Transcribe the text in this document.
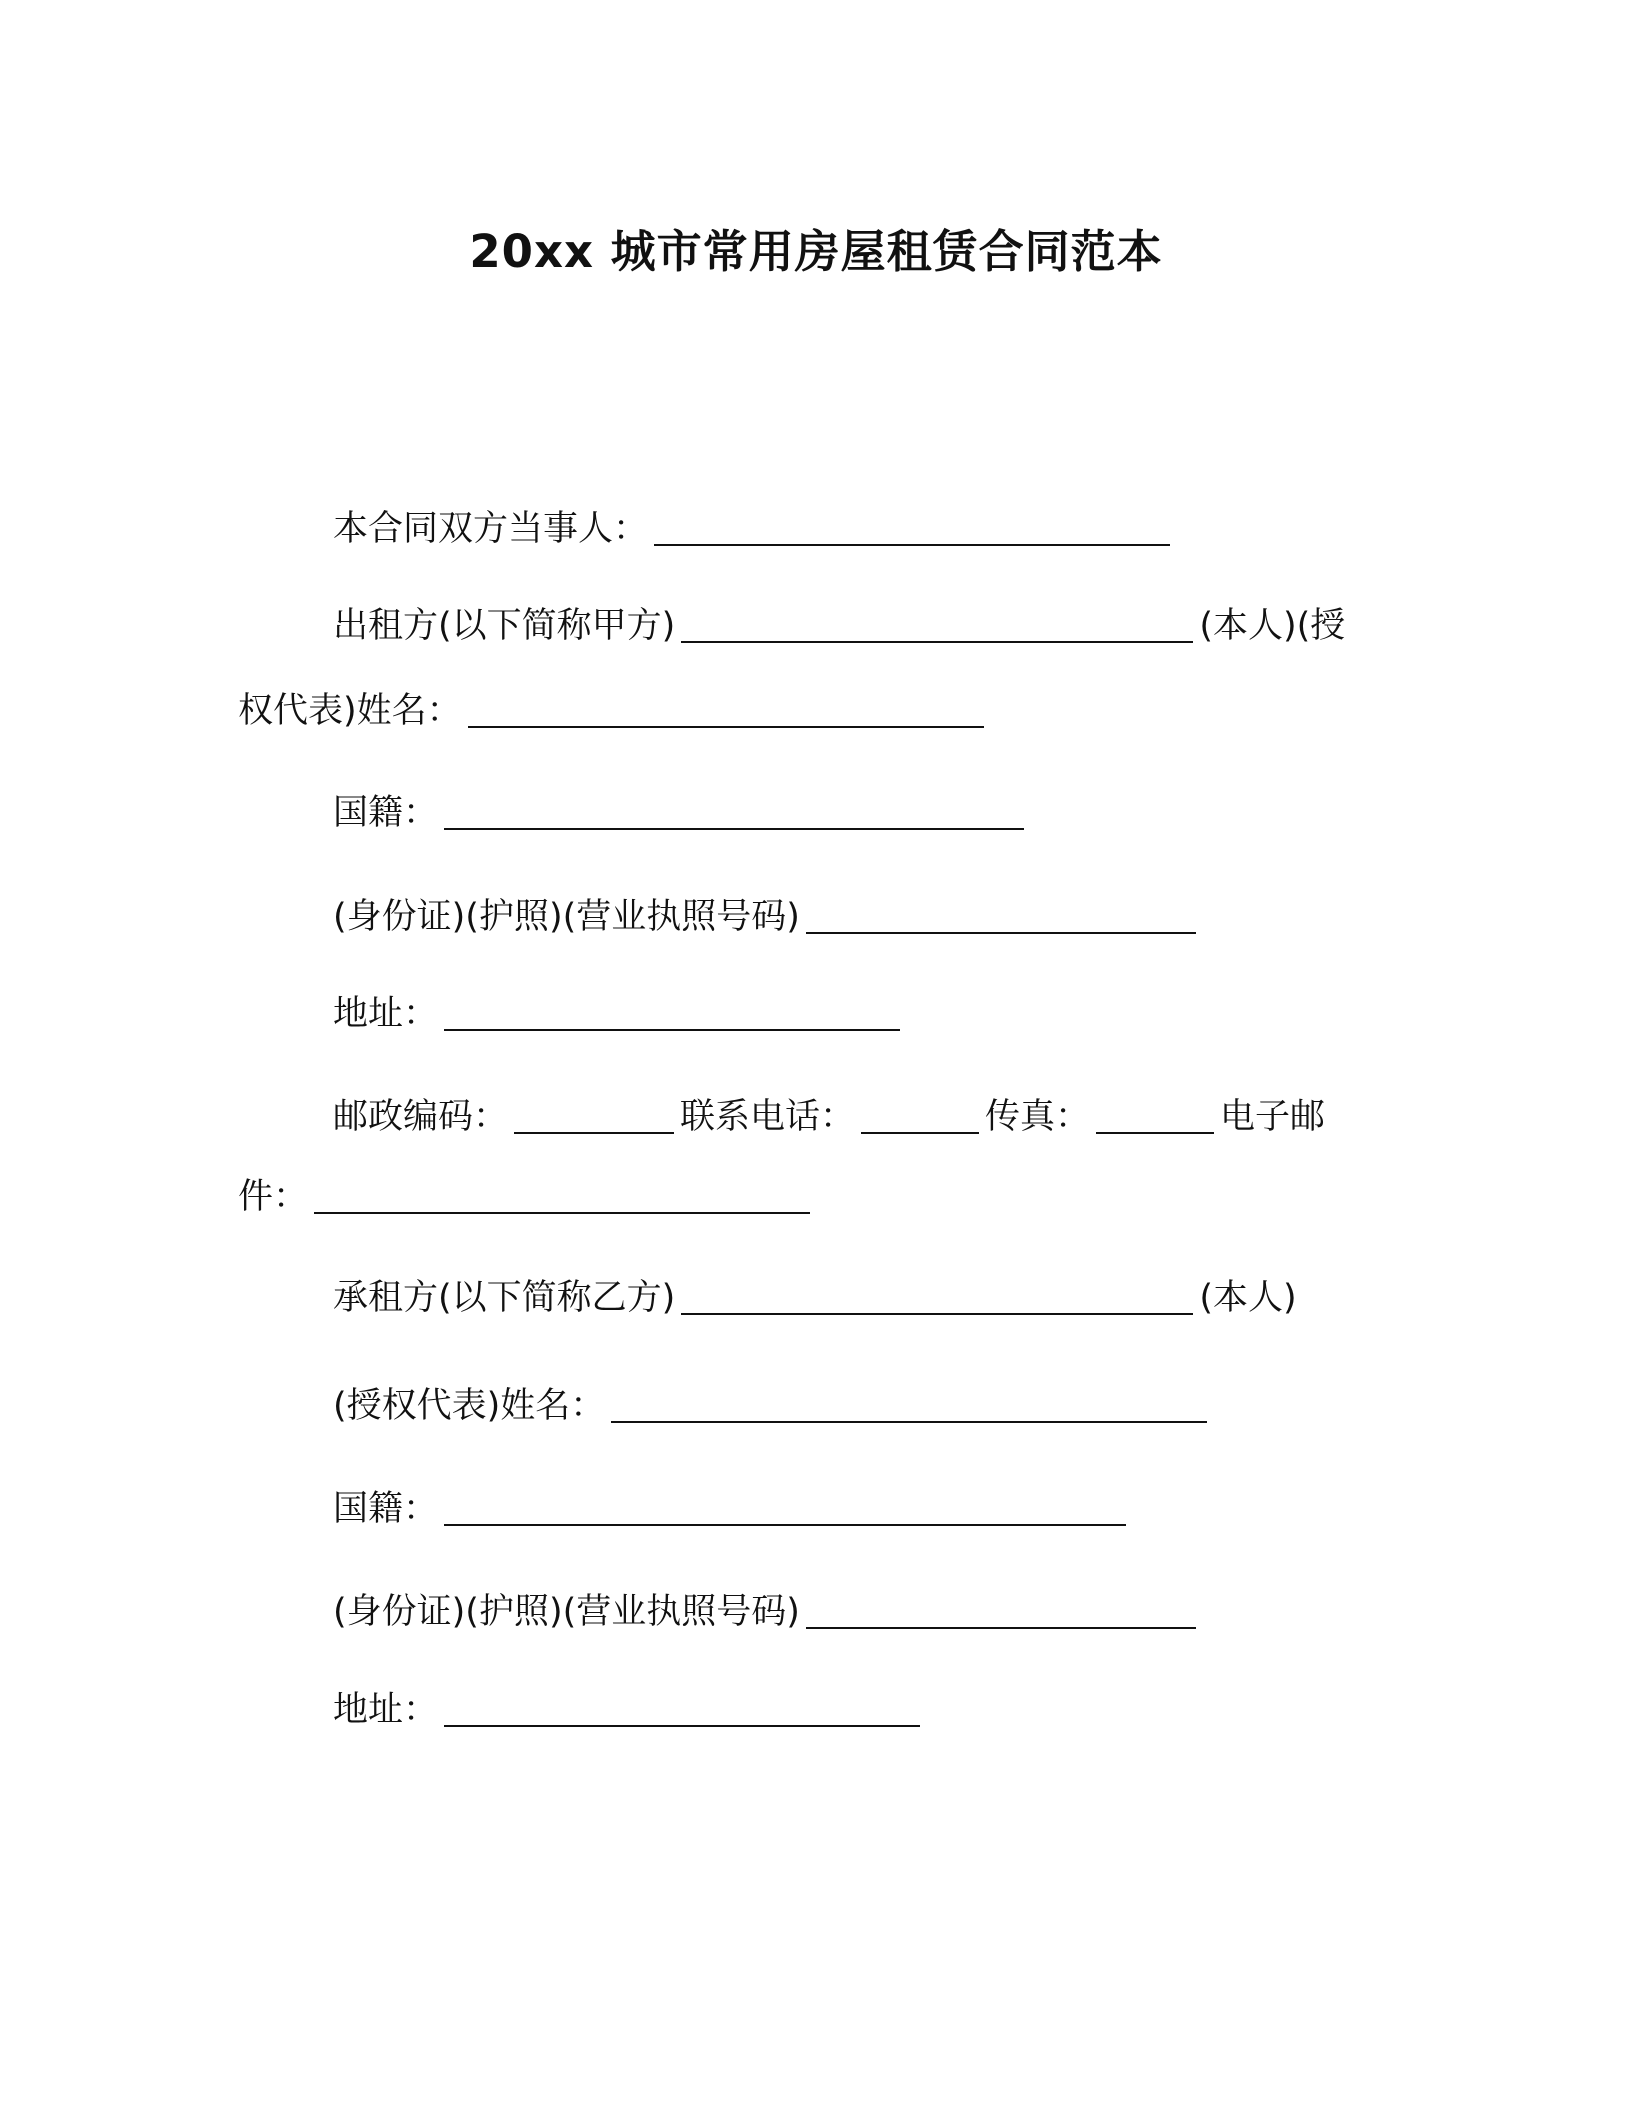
20xx 城市常用房屋租赁合同范本
本合同双方当事人：
出租方(以下简称甲方)	(本人)(授
权代表)姓名：
国籍：
(身份证)(护照)(营业执照号码)
地址：
邮政编码：	联系电话：	传真：	电子邮
件：
承租方(以下简称乙方)	(本人)
(授权代表)姓名：
国籍：
(身份证)(护照)(营业执照号码)
地址：
